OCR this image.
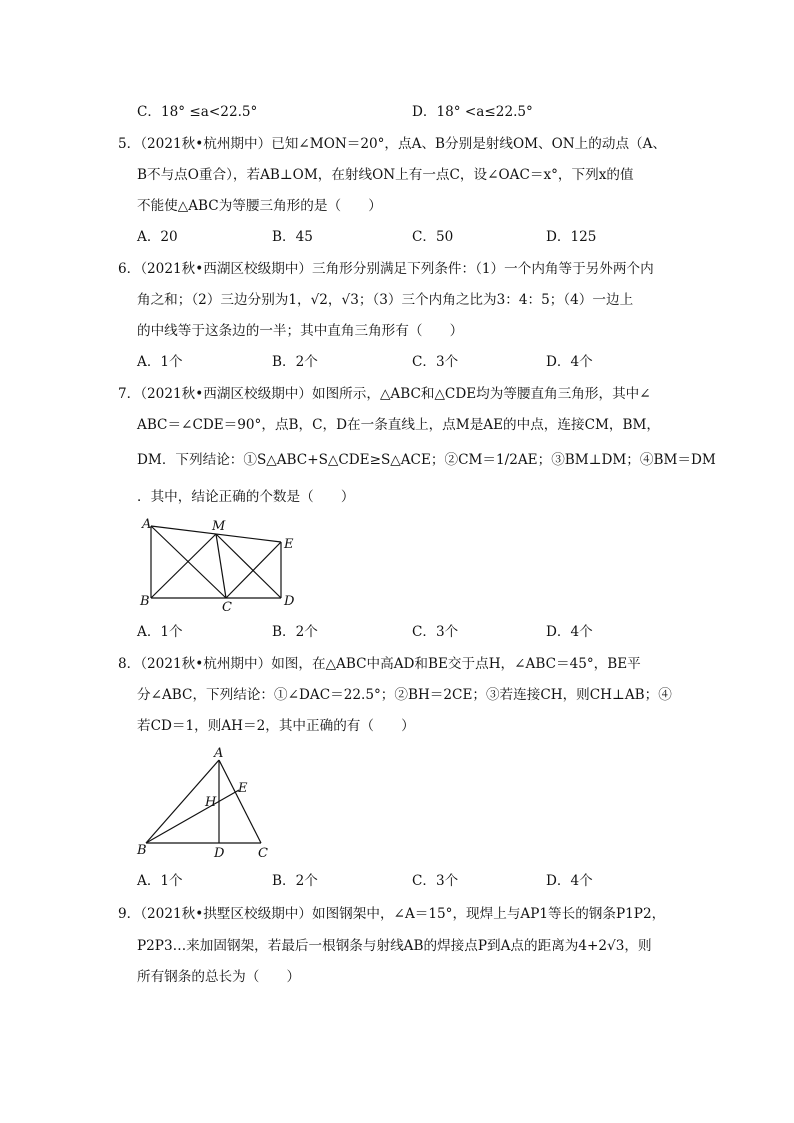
C．18° ≤a<22.5°	D．18° <a≤22.5°
5．（2021秋•杭州期中）已知∠MON＝20°，点A、B分别是射线OM、ON上的动点（A、
B不与点O重合），若AB⊥OM，在射线ON上有一点C，设∠OAC＝x°，下列x的值
不能使△ABC为等腰三角形的是（　　）
A．20	B．45	C．50	D．125
6．（2021秋•西湖区校级期中）三角形分别满足下列条件：（1）一个内角等于另外两个内
角之和；（2）三边分别为1，√2，√3；（3）三个内角之比为3：4：5；（4）一边上
的中线等于这条边的一半；其中直角三角形有（　　）
A．1个	B．2个	C．3个	D．4个
7．（2021秋•西湖区校级期中）如图所示，△ABC和△CDE均为等腰直角三角形，其中∠
ABC＝∠CDE＝90°，点B，C，D在一条直线上，点M是AE的中点，连接CM，BM，
DM．下列结论：①S△ABC+S△CDE≥S△ACE；②CM＝1/2AE；③BM⊥DM；④BM＝DM
．其中，结论正确的个数是（　　）
A	M
E
B	C	D
A．1个	B．2个	C．3个	D．4个
8．（2021秋•杭州期中）如图，在△ABC中高AD和BE交于点H，∠ABC＝45°，BE平
分∠ABC，下列结论：①∠DAC＝22.5°；②BH＝2CE；③若连接CH，则CH⊥AB；④
若CD＝1，则AH＝2，其中正确的有（　　）
A
E
H
B	D	C
A．1个	B．2个	C．3个	D．4个
9．（2021秋•拱墅区校级期中）如图钢架中，∠A＝15°，现焊上与AP1等长的钢条P1P2，
P2P3…来加固钢架，若最后一根钢条与射线AB的焊接点P到A点的距离为4+2√3，则
所有钢条的总长为（　　）
